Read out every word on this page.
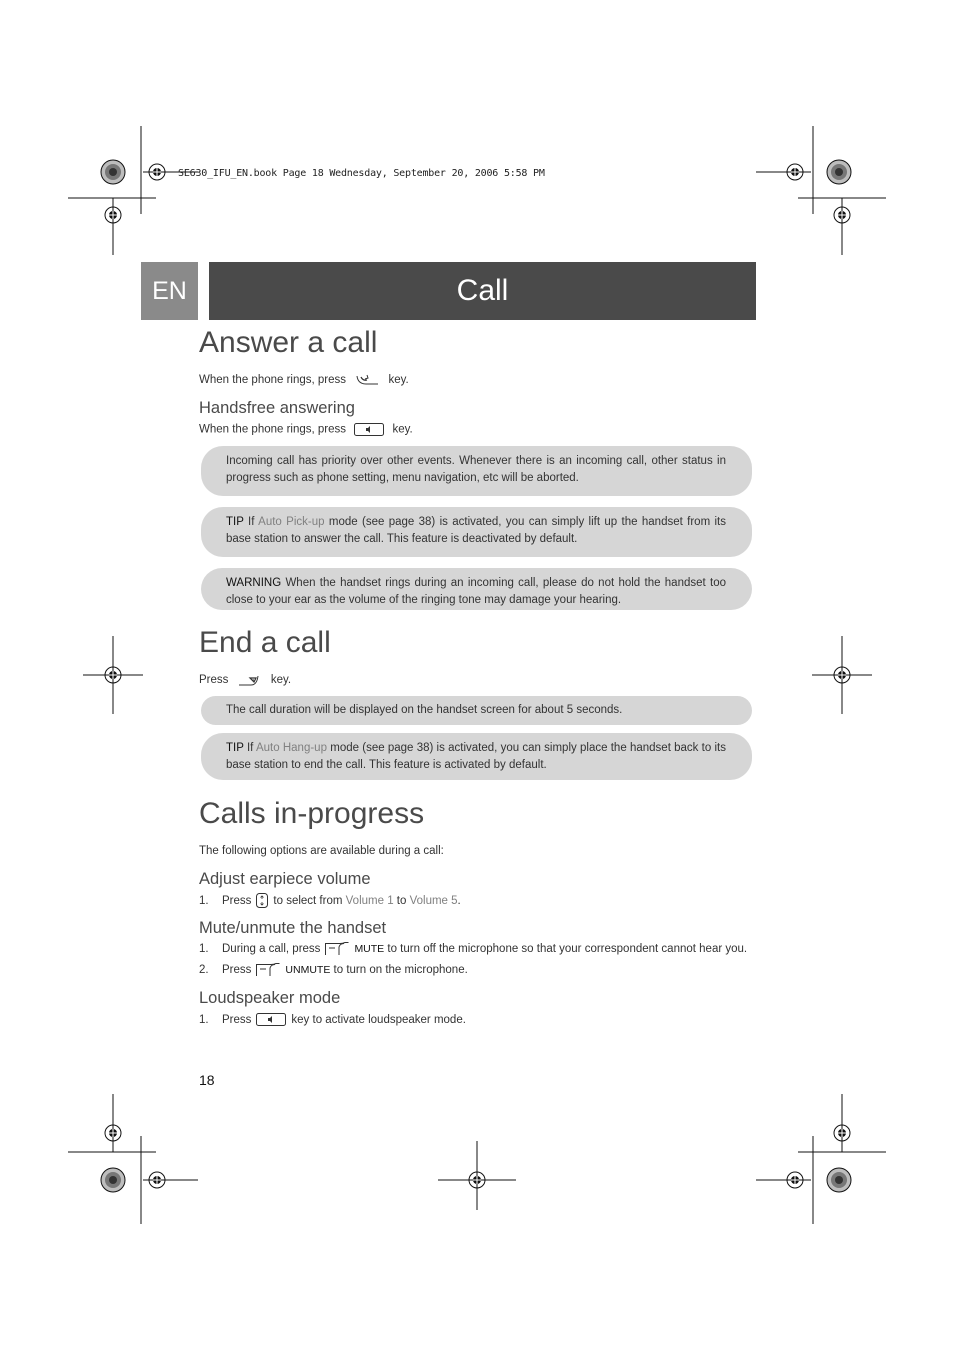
SE630_IFU_EN.book Page 18 Wednesday, September 20, 2006 5:58 PM
EN	Call
Answer a call
When the phone rings, press	key.
Handsfree answering
When the phone rings, press	key.
Incoming call has priority over other events. Whenever there is an incoming call, other status in progress such as phone setting, menu navigation, etc will be aborted.
TIP If Auto Pick-up mode (see page 38) is activated, you can simply lift up the handset from its base station to answer the call. This feature is deactivated by default.
WARNING When the handset rings during an incoming call, please do not hold the handset too close to your ear as the volume of the ringing tone may damage your hearing.
End a call
Press	key.
The call duration will be displayed on the handset screen for about 5 seconds.
TIP If Auto Hang-up mode (see page 38) is activated, you can simply place the handset back to its base station to end the call. This feature is activated by default.
Calls in-progress
The following options are available during a call:
Adjust earpiece volume
1.	Press to select from
Volume 1
to
Volume 5 .
Mute/unmute the handset
1.	During a call, press	MUTE
to turn off the microphone so that your correspondent cannot hear you.
2.	Press	UNMUTE
to turn on the microphone.
Loudspeaker mode
1.	Press	key to activate loudspeaker mode.
18
